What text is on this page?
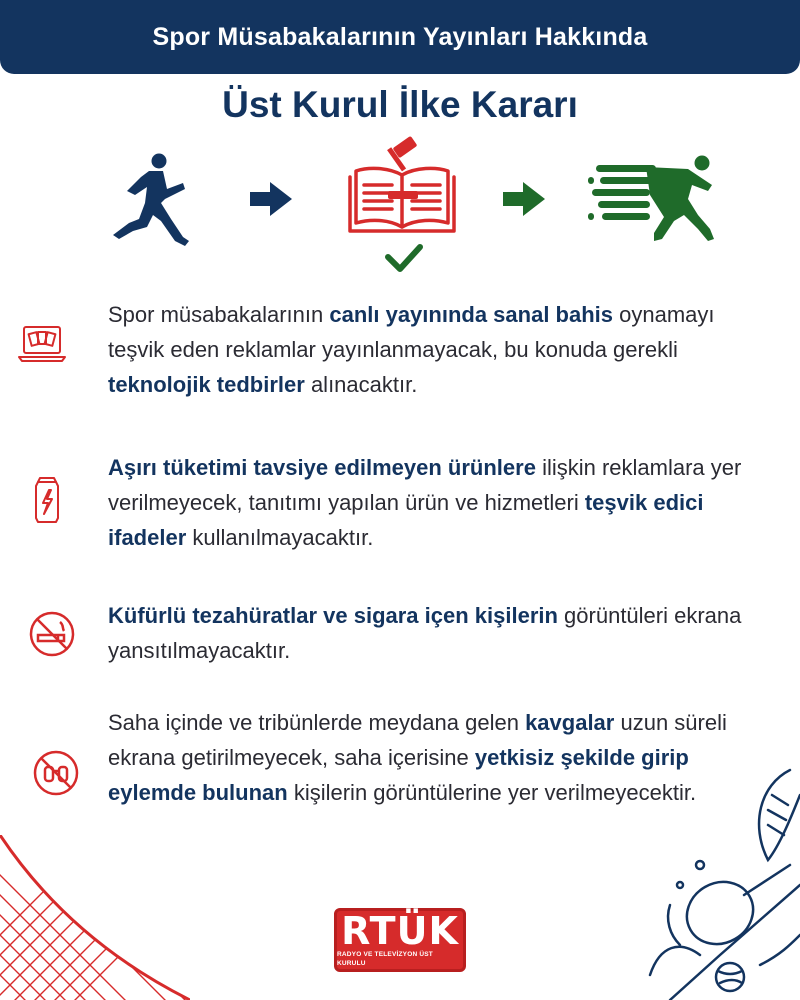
Spor Müsabakalarının Yayınları Hakkında
Üst Kurul İlke Kararı
Spor müsabakalarının canlı yayınında sanal bahis oynamayı teşvik eden reklamlar yayınlanmayacak, bu konuda gerekli teknolojik tedbirler alınacaktır.
Aşırı tüketimi tavsiye edilmeyen ürünlere ilişkin reklamlara yer verilmeyecek, tanıtımı yapılan ürün ve hizmetleri teşvik edici ifadeler kullanılmayacaktır.
Küfürlü tezahüratlar ve sigara içen kişilerin görüntüleri ekrana yansıtılmayacaktır.
Saha içinde ve tribünlerde meydana gelen kavgalar uzun süreli ekrana getirilmeyecek, saha içerisine yetkisiz şekilde girip eylemde bulunan kişilerin görüntülerine yer verilmeyecektir.
RTÜK
RADYO VE TELEVİZYON ÜST KURULU
